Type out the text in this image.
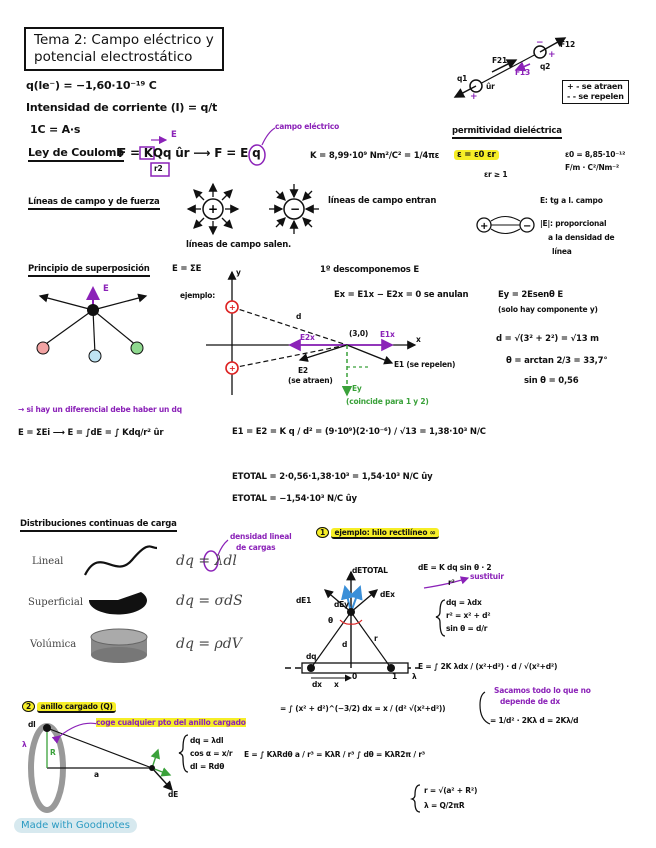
+
+
−
+	−
+	−
+
+
Tema 2: Campo eléctrico y
potencial electrostático
+ - se atraen
- - se repelen
q1
q2
F12
F21
F13
ûr
q(le⁻) = −1,60·10⁻¹⁹ C
Intensidad de corriente (I) = q/t
1C = A·s
Ley de Coulomb
F = KQq ûr ⟶ F = E q
r2
campo eléctrico
E
K = 8,99·10⁹ Nm²/C² = 1/4πε
permitividad dieléctrica
ε = ε0 εr
εr ≥ 1
ε0 = 8,85·10⁻¹²
F/m · C²/Nm⁻²
Líneas de campo y de fuerza	líneas de campo entran
líneas de campo salen.
E: tg a l. campo
|E|: proporcional
a la densidad de
línea
Principio de superposición	E = ΣE
ejemplo:
E
1º descomponemos E
Ex = E1x − E2x = 0 se anulan	Ey = 2Esenθ E
(solo hay componente y)
d = √(3² + 2²) = √13 m
θ = arctan 2/3 = 33,7°
sin θ = 0,56
y
x
(3,0)
d
E1x
E2x
E2
(se atraen)
E1 (se repelen)
Ey
(coincide para 1 y 2)
→ si hay un diferencial debe haber un dq
E = ΣEi ⟶ E = ∫dE = ∫ Kdq/r² ûr	E1 = E2 = K q / d² = (9·10⁹)(2·10⁻⁶) / √13 = 1,38·10³ N/C
ETOTAL = 2·0,56·1,38·10³ = 1,54·10³ N/C ûy
ETOTAL = −1,54·10³ N/C ûy
Distribuciones continuas de carga
Lineal
Superficial
Volúmica
dq = λdl
dq = σdS
dq = ρdV
densidad lineal
de cargas
1 ejemplo: hilo rectilíneo ∞
dE = K dq sin θ · 2
r²
sustituir
dq = λdx
r² = x² + d²
sin θ = d/r
E = ∫ 2K λdx / (x²+d²) · d / √(x²+d²)
Sacamos todo lo que no
depende de dx
= ∫ (x² + d²)^(−3/2) dx = x / (d² √(x²+d²))
= 1/d² · 2Kλ d = 2Kλ/d
dETOTAL
dE1
dEx
dEy
d
r
θ
λ
dq
dx x
0	1
2 anillo cargado (Q)
coge cualquier pto del anillo cargado
dq = λdl
cos α = x/r
dl = Rdθ
E = ∫ KλRdθ a / r³ = KλR / r³ ∫ dθ = KλR2π / r³
r = √(a² + R²)
λ = Q/2πR
a
dl
λ
R
dE
Made with Goodnotes
